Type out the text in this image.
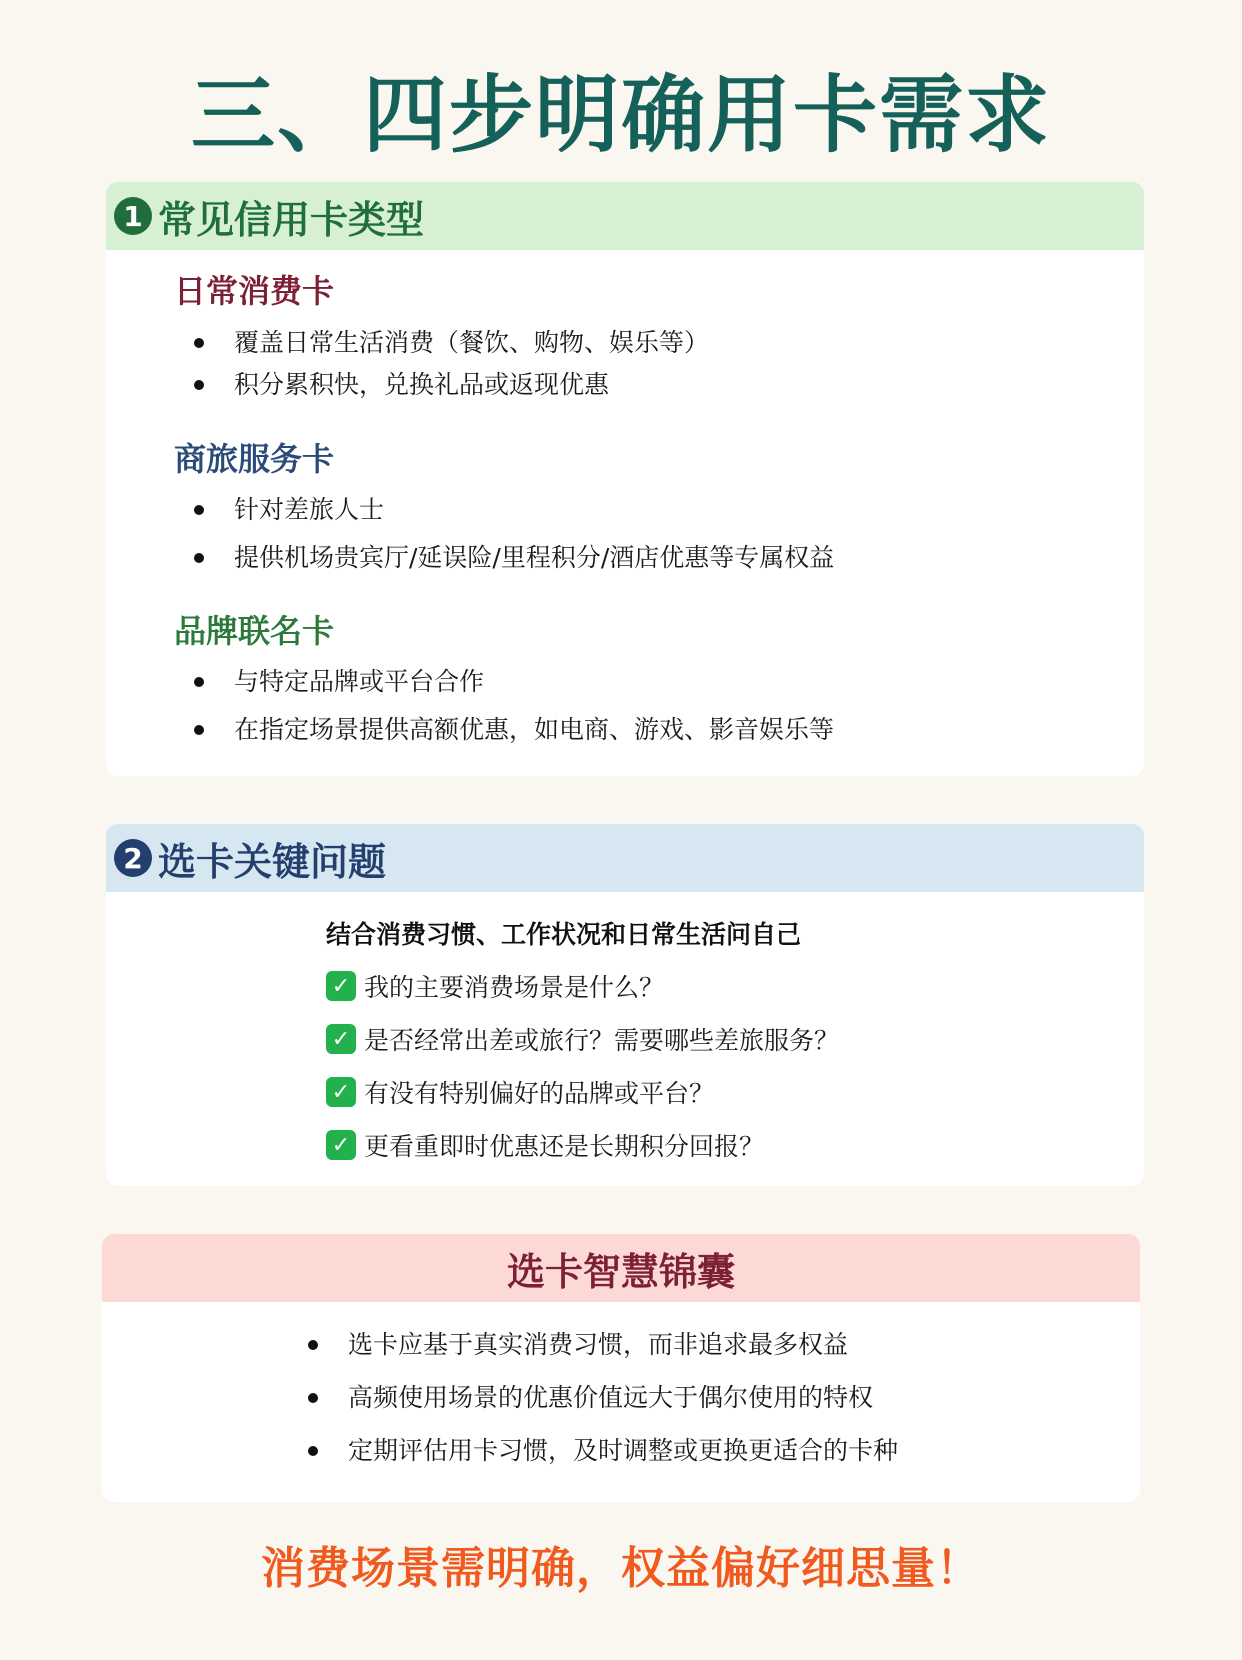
三、四步明确用卡需求
1 常见信用卡类型
日常消费卡
覆盖日常生活消费（餐饮、购物、娱乐等）
积分累积快，兑换礼品或返现优惠
商旅服务卡
针对差旅人士
提供机场贵宾厅/延误险/里程积分/酒店优惠等专属权益
品牌联名卡
与特定品牌或平台合作
在指定场景提供高额优惠，如电商、游戏、影音娱乐等
2 选卡关键问题
结合消费习惯、工作状况和日常生活问自己
✓ 我的主要消费场景是什么？
✓ 是否经常出差或旅行？需要哪些差旅服务？
✓ 有没有特别偏好的品牌或平台？
✓ 更看重即时优惠还是长期积分回报？
选卡智慧锦囊
选卡应基于真实消费习惯，而非追求最多权益
高频使用场景的优惠价值远大于偶尔使用的特权
定期评估用卡习惯，及时调整或更换更适合的卡种
消费场景需明确，权益偏好细思量！
